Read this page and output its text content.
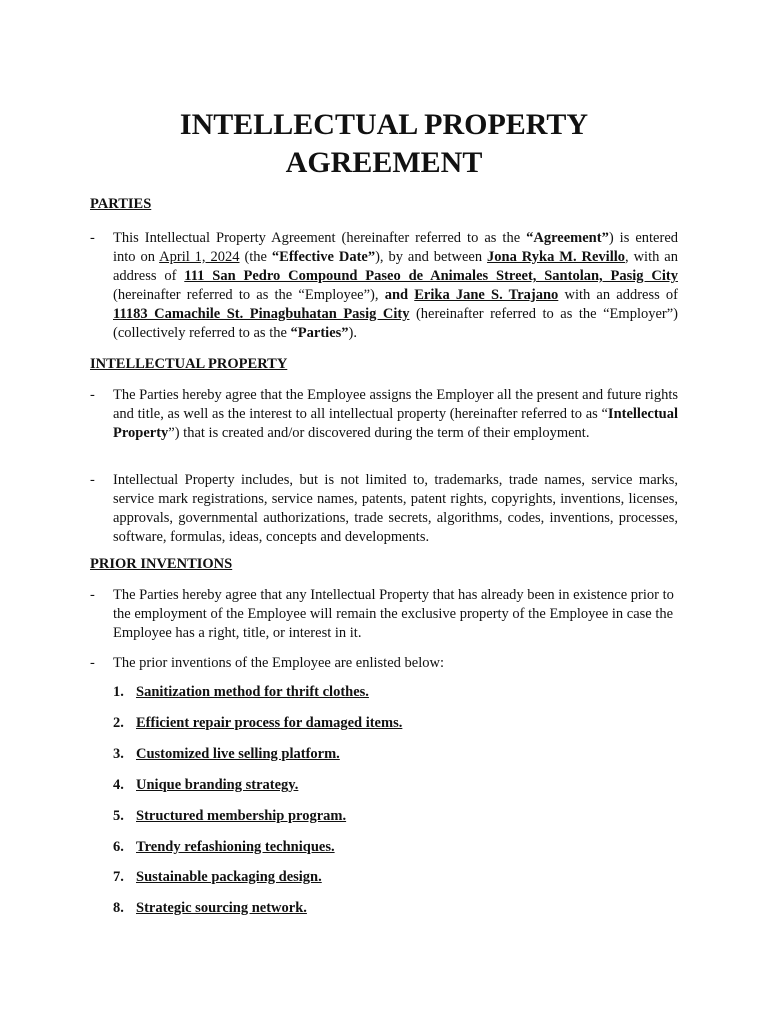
INTELLECTUAL PROPERTY
AGREEMENT
PARTIES
- This Intellectual Property Agreement (hereinafter referred to as the “Agreement”) is entered into on April 1, 2024 (the “Effective Date”), by and between Jona Ryka M. Revillo, with an address of 111 San Pedro Compound Paseo de Animales Street, Santolan, Pasig City (hereinafter referred to as the “Employee”), and Erika Jane S. Trajano with an address of 11183 Camachile St. Pinagbuhatan Pasig City (hereinafter referred to as the “Employer”) (collectively referred to as the “Parties”).
INTELLECTUAL PROPERTY
- The Parties hereby agree that the Employee assigns the Employer all the present and future rights and title, as well as the interest to all intellectual property (hereinafter referred to as “Intellectual Property”) that is created and/or discovered during the term of their employment.
- Intellectual Property includes, but is not limited to, trademarks, trade names, service marks, service mark registrations, service names, patents, patent rights, copyrights, inventions, licenses, approvals, governmental authorizations, trade secrets, algorithms, codes, inventions, processes, software, formulas, ideas, concepts and developments.
PRIOR INVENTIONS
- The Parties hereby agree that any Intellectual Property that has already been in existence prior to the employment of the Employee will remain the exclusive property of the Employee in case the Employee has a right, title, or interest in it.
- The prior inventions of the Employee are enlisted below:
1. Sanitization method for thrift clothes.
2. Efficient repair process for damaged items.
3. Customized live selling platform.
4. Unique branding strategy.
5. Structured membership program.
6. Trendy refashioning techniques.
7. Sustainable packaging design.
8. Strategic sourcing network.
